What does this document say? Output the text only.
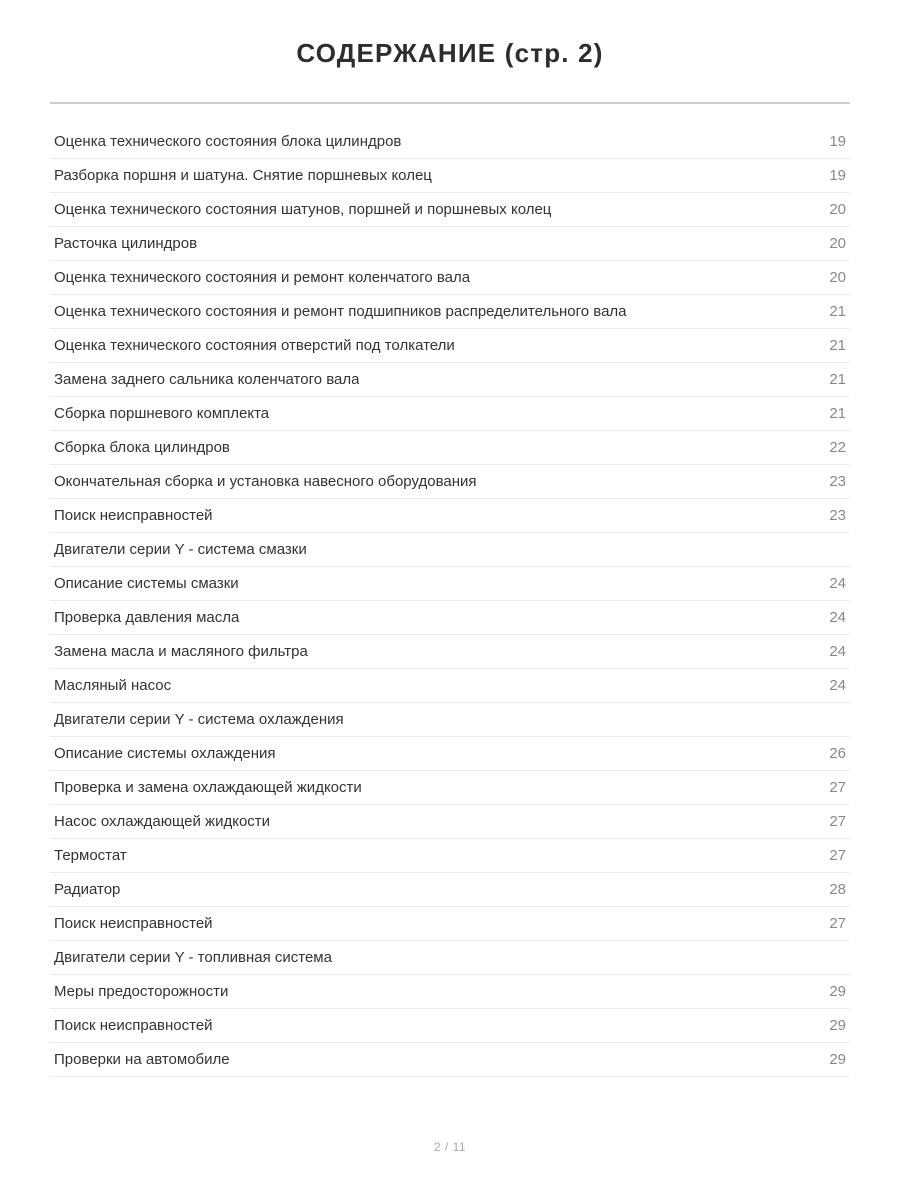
СОДЕРЖАНИЕ (стр. 2)
Оценка технического состояния блока цилиндров	19
Разборка поршня и шатуна. Снятие поршневых колец	19
Оценка технического состояния шатунов, поршней и поршневых колец	20
Расточка цилиндров	20
Оценка технического состояния и ремонт коленчатого вала	20
Оценка технического состояния и ремонт подшипников распределительного вала	21
Оценка технического состояния отверстий под толкатели	21
Замена заднего сальника коленчатого вала	21
Сборка поршневого комплекта	21
Сборка блока цилиндров	22
Окончательная сборка и установка навесного оборудования	23
Поиск неисправностей	23
Двигатели серии Y - система смазки
Описание системы смазки	24
Проверка давления масла	24
Замена масла и масляного фильтра	24
Масляный насос	24
Двигатели серии Y - система охлаждения
Описание системы охлаждения	26
Проверка и замена охлаждающей жидкости	27
Насос охлаждающей жидкости	27
Термостат	27
Радиатор	28
Поиск неисправностей	27
Двигатели серии Y - топливная система
Меры предосторожности	29
Поиск неисправностей	29
Проверки на автомобиле	29
2 / 11
